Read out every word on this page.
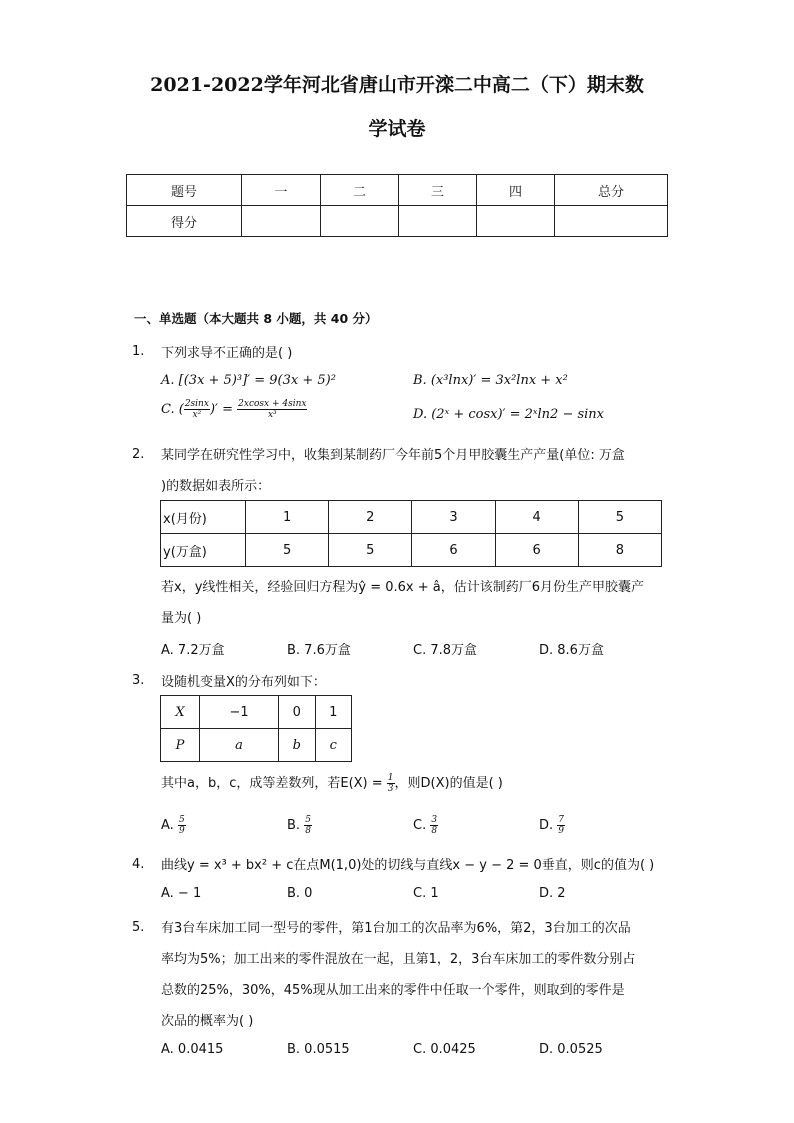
2021-2022学年河北省唐山市开滦二中高二（下）期末数
学试卷
题号	一	二	三	四	总分
得分					
一、单选题（本大题共 8 小题，共 40 分）
1. 下列求导不正确的是( )
A. [(3x + 5)³]′ = 9(3x + 5)²	B. (x³lnx)′ = 3x²lnx + x²
C. ( $\frac{2\sin x}{\text{x²}}$ )′ = $\frac{2xcosx + 4\sin x}{\text{x³}}$	D. (2ˣ + cosx)′ = 2ˣln2 − sinx
2. 某同学在研究性学习中，收集到某制药厂今年前5个月甲胶囊生产产量(单位: 万盒
)的数据如表所示：
x(月份)	1	2	3	4	5
y(万盒)	5	5	6	6	8
若x，y线性相关，经验回归方程为ŷ = 0.6x + â，估计该制药厂6月份生产甲胶囊产
量为( )
A. 7.2万盒	B. 7.6万盒	C. 7.8万盒	D. 8.6万盒
3. 设随机变量X的分布列如下：
X	−1	0	1
P	a	b	c
其中a，b，c，成等差数列，若$E(X) = \frac{1}{3}$ ，则D(X)的值是( )
A. $\frac{5}{9}$	B. $\frac{5}{8}$	C. $\frac{3}{8}$	D. $\frac{7}{9}$
4. 曲线y = x³ + bx² + c在点M(1,0)处的切线与直线x − y − 2 = 0垂直，则c的值为( )
A. − 1	B. 0	C. 1	D. 2
5. 有3台车床加工同一型号的零件，第1台加工的次品率为6%，第2，3台加工的次品
率均为5%；加工出来的零件混放在一起，且第1，2，3台车床加工的零件数分别占
总数的25%，30%，45%现从加工出来的零件中任取一个零件，则取到的零件是
次品的概率为( )
A. 0.0415	B. 0.0515	C. 0.0425	D. 0.0525
